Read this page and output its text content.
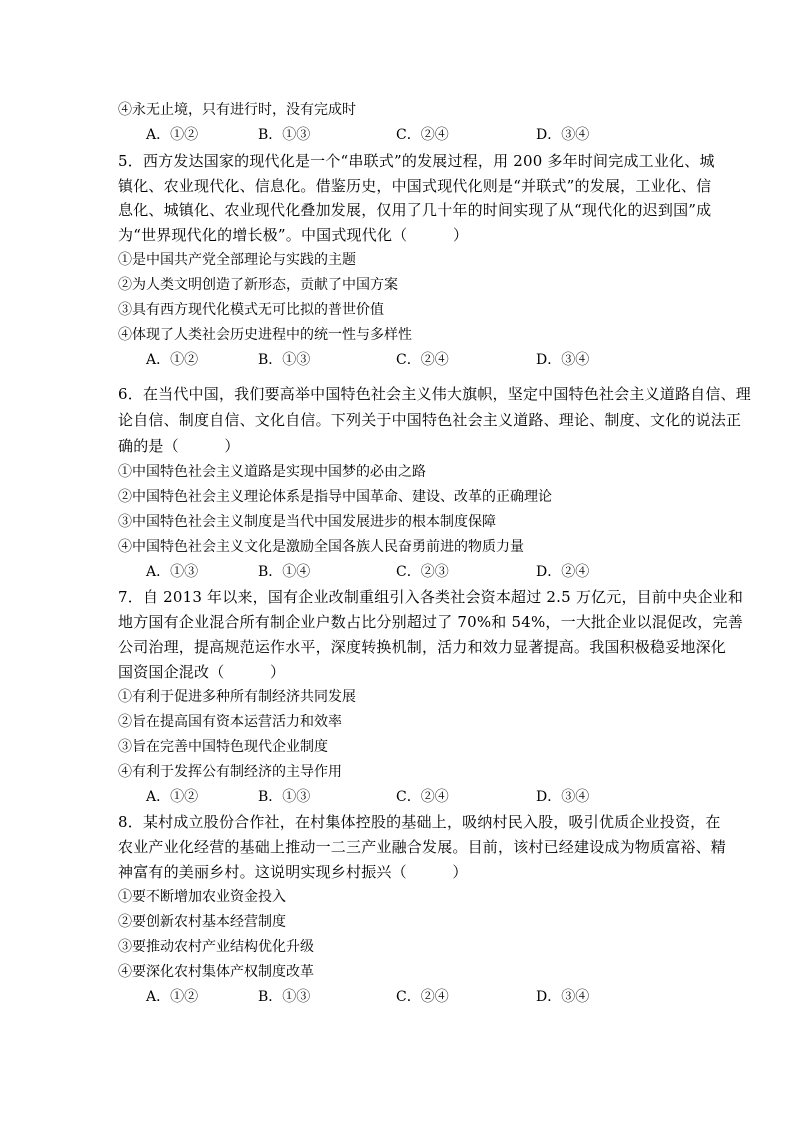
④永无止境，只有进行时，没有完成时
A．①②	B．①③	C．②④	D．③④
5．西方发达国家的现代化是一个“串联式”的发展过程，用 200 多年时间完成工业化、城
镇化、农业现代化、信息化。借鉴历史，中国式现代化则是“并联式”的发展，工业化、信
息化、城镇化、农业现代化叠加发展，仅用了几十年的时间实现了从“现代化的迟到国”成
为“世界现代化的增长极”。中国式现代化（　　　）
①是中国共产党全部理论与实践的主题
②为人类文明创造了新形态，贡献了中国方案
③具有西方现代化模式无可比拟的普世价值
④体现了人类社会历史进程中的统一性与多样性
A．①②	B．①③	C．②④	D．③④
6．在当代中国，我们要高举中国特色社会主义伟大旗帜，坚定中国特色社会主义道路自信、理
论自信、制度自信、文化自信。下列关于中国特色社会主义道路、理论、制度、文化的说法正
确的是（　　　）
①中国特色社会主义道路是实现中国梦的必由之路
②中国特色社会主义理论体系是指导中国革命、建设、改革的正确理论
③中国特色社会主义制度是当代中国发展进步的根本制度保障
④中国特色社会主义文化是激励全国各族人民奋勇前进的物质力量
A．①③	B．①④	C．②③	D．②④
7．自 2013 年以来，国有企业改制重组引入各类社会资本超过 2.5 万亿元，目前中央企业和
地方国有企业混合所有制企业户数占比分别超过了 70%和 54%，一大批企业以混促改，完善
公司治理，提高规范运作水平，深度转换机制，活力和效力显著提高。我国积极稳妥地深化
国资国企混改（　　　）
①有利于促进多种所有制经济共同发展
②旨在提高国有资本运营活力和效率
③旨在完善中国特色现代企业制度
④有利于发挥公有制经济的主导作用
A．①②	B．①③	C．②④	D．③④
8．某村成立股份合作社，在村集体控股的基础上，吸纳村民入股，吸引优质企业投资，在
农业产业化经营的基础上推动一二三产业融合发展。目前，该村已经建设成为物质富裕、精
神富有的美丽乡村。这说明实现乡村振兴（　　　）
①要不断增加农业资金投入
②要创新农村基本经营制度
③要推动农村产业结构优化升级
④要深化农村集体产权制度改革
A．①②	B．①③	C．②④	D．③④
